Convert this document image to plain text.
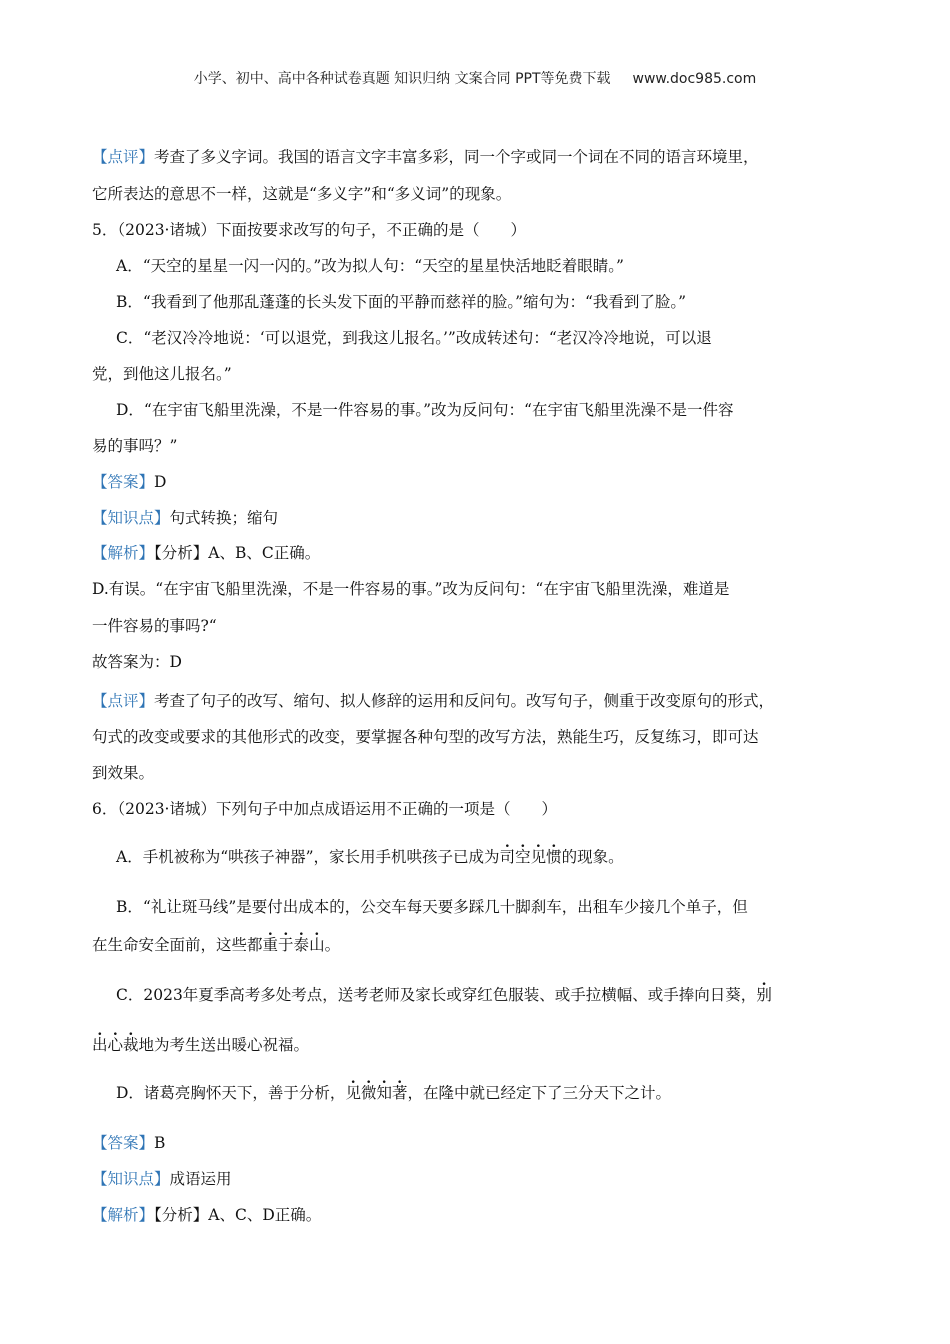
小学、初中、高中各种试卷真题 知识归纳 文案合同 PPT等免费下载 www.doc985.com
【点评】考查了多义字词。我国的语言文字丰富多彩，同一个字或同一个词在不同的语言环境里，
它所表达的意思不一样，这就是“多义字”和“多义词”的现象。
5．（2023·诸城）下面按要求改写的句子，不正确的是（　　）
A．“天空的星星一闪一闪的。”改为拟人句：“天空的星星快活地眨着眼睛。”
B．“我看到了他那乱蓬蓬的长头发下面的平静而慈祥的脸。”缩句为：“我看到了脸。”
C．“老汉冷冷地说：‘可以退党，到我这儿报名。’”改成转述句：“老汉冷冷地说，可以退
党，到他这儿报名。”
D．“在宇宙飞船里洗澡，不是一件容易的事。”改为反问句：“在宇宙飞船里洗澡不是一件容
易的事吗？”
【答案】D
【知识点】句式转换；缩句
【解析】【分析】A、B、C正确。
D.有误。“在宇宙飞船里洗澡，不是一件容易的事。”改为反问句：“在宇宙飞船里洗澡，难道是
一件容易的事吗?“
故答案为：D
【点评】考查了句子的改写、缩句、拟人修辞的运用和反问句。改写句子，侧重于改变原句的形式，
句式的改变或要求的其他形式的改变，要掌握各种句型的改写方法，熟能生巧，反复练习，即可达
到效果。
6．（2023·诸城）下列句子中加点成语运用不正确的一项是（　　）
A．手机被称为“哄孩子神器”，家长用手机哄孩子已成为司空见惯的现象。
B．“礼让斑马线”是要付出成本的，公交车每天要多踩几十脚刹车，出租车少接几个单子，但
在生命安全面前，这些都重于泰山。
C．2023年夏季高考多处考点，送考老师及家长或穿红色服装、或手拉横幅、或手捧向日葵，别
出心裁地为考生送出暖心祝福。
D．诸葛亮胸怀天下，善于分析，见微知著，在隆中就已经定下了三分天下之计。
【答案】B
【知识点】成语运用
【解析】【分析】A、C、D正确。
